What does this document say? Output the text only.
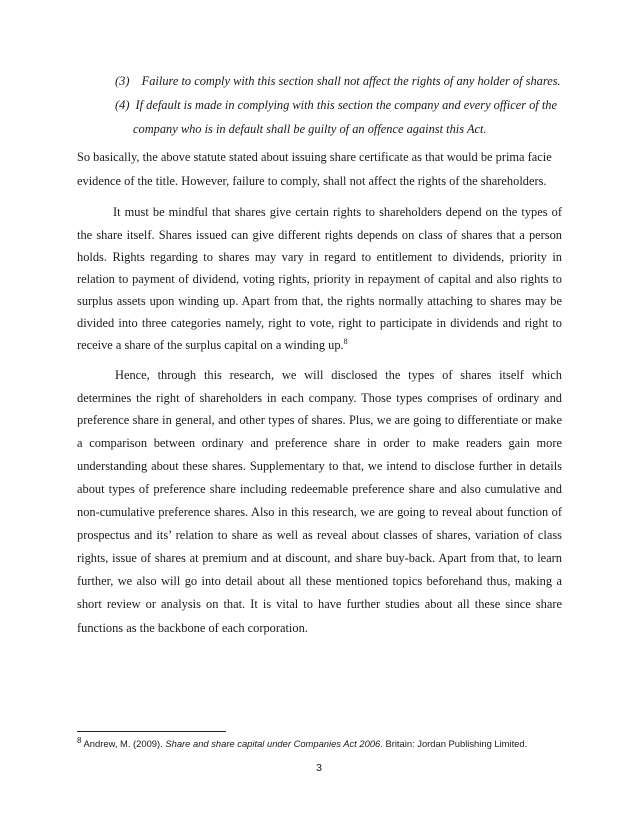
(3) Failure to comply with this section shall not affect the rights of any holder of shares.
(4) If default is made in complying with this section the company and every officer of the
company who is in default shall be guilty of an offence against this Act.
So basically, the above statute stated about issuing share certificate as that would be prima facie
evidence of the title. However, failure to comply, shall not affect the rights of the shareholders.
It must be mindful that shares give certain rights to shareholders depend on the types of
the share itself. Shares issued can give different rights depends on class of shares that a person
holds. Rights regarding to shares may vary in regard to entitlement to dividends, priority in
relation to payment of dividend, voting rights, priority in repayment of capital and also rights to
surplus assets upon winding up. Apart from that, the rights normally attaching to shares may be
divided into three categories namely, right to vote, right to participate in dividends and right to
receive a share of the surplus capital on a winding up.$^8$
Hence, through this research, we will disclosed the types of shares itself which
determines the right of shareholders in each company. Those types comprises of ordinary and
preference share in general, and other types of shares. Plus, we are going to differentiate or make
a comparison between ordinary and preference share in order to make readers gain more
understanding about these shares. Supplementary to that, we intend to disclose further in details
about types of preference share including redeemable preference share and also cumulative and
non-cumulative preference shares. Also in this research, we are going to reveal about function of
prospectus and its’ relation to share as well as reveal about classes of shares, variation of class
rights, issue of shares at premium and at discount, and share buy-back. Apart from that, to learn
further, we also will go into detail about all these mentioned topics beforehand thus, making a
short review or analysis on that. It is vital to have further studies about all these since share
functions as the backbone of each corporation.
$^8$ Andrew, M. (2009). Share and share capital under Companies Act 2006. Britain: Jordan Publishing Limited.
3
